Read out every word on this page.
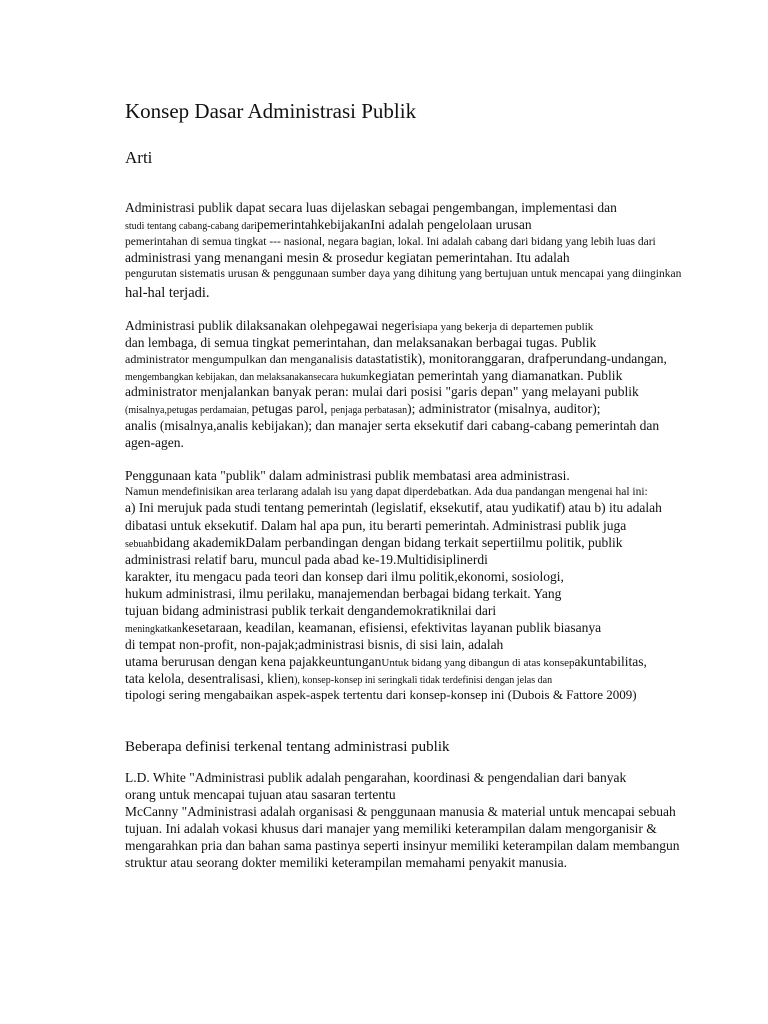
Konsep Dasar Administrasi Publik
Arti

Administrasi publik dapat secara luas dijelaskan sebagai pengembangan, implementasi dan

studi tentang cabang-cabang daripemerintahkebijakanIni adalah pengelolaan urusan

pemerintahan di semua tingkat --- nasional, negara bagian, lokal. Ini adalah cabang dari bidang yang lebih luas dari

administrasi yang menangani mesin & prosedur kegiatan pemerintahan. Itu adalah

pengurutan sistematis urusan & penggunaan sumber daya yang dihitung yang bertujuan untuk mencapai yang diinginkan

hal-hal terjadi.

Administrasi publik dilaksanakan olehpegawai negerisiapa yang bekerja di departemen publik

dan lembaga, di semua tingkat pemerintahan, dan melaksanakan berbagai tugas. Publik

administrator mengumpulkan dan menganalisis datastatistik), monitoranggaran, drafperundang-undangan,

mengembangkan kebijakan, dan melaksanakansecara hukumkegiatan pemerintah yang diamanatkan. Publik

administrator menjalankan banyak peran: mulai dari posisi "garis depan" yang melayani publik

(misalnya,petugas perdamaian, petugas parol, penjaga perbatasan); administrator (misalnya, auditor);

analis (misalnya,analis kebijakan); dan manajer serta eksekutif dari cabang-cabang pemerintah dan

agen-agen.

Penggunaan kata "publik" dalam administrasi publik membatasi area administrasi.

Namun mendefinisikan area terlarang adalah isu yang dapat diperdebatkan. Ada dua pandangan mengenai hal ini:

a) Ini merujuk pada studi tentang pemerintah (legislatif, eksekutif, atau yudikatif) atau b) itu adalah

dibatasi untuk eksekutif. Dalam hal apa pun, itu berarti pemerintah. Administrasi publik juga

sebuahbidang akademikDalam perbandingan dengan bidang terkait sepertiilmu politik, publik

administrasi relatif baru, muncul pada abad ke-19.Multidisiplinerdi

karakter, itu mengacu pada teori dan konsep dari ilmu politik,ekonomi, sosiologi,

hukum administrasi, ilmu perilaku, manajemendan berbagai bidang terkait. Yang

tujuan bidang administrasi publik terkait dengandemokratiknilai dari

meningkatkankesetaraan, keadilan, keamanan, efisiensi, efektivitas layanan publik biasanya

di tempat non-profit, non-pajak;administrasi bisnis, di sisi lain, adalah

utama berurusan dengan kena pajakkeuntunganUntuk bidang yang dibangun di atas konsepakuntabilitas,

tata kelola, desentralisasi, klien), konsep-konsep ini seringkali tidak terdefinisi dengan jelas dan

tipologi sering mengabaikan aspek-aspek tertentu dari konsep-konsep ini (Dubois & Fattore 2009)

Beberapa definisi terkenal tentang administrasi publik

L.D. White "Administrasi publik adalah pengarahan, koordinasi & pengendalian dari banyak

orang untuk mencapai tujuan atau sasaran tertentu

McCanny "Administrasi adalah organisasi & penggunaan manusia & material untuk mencapai sebuah

tujuan. Ini adalah vokasi khusus dari manajer yang memiliki keterampilan dalam mengorganisir &

mengarahkan pria dan bahan sama pastinya seperti insinyur memiliki keterampilan dalam membangun

struktur atau seorang dokter memiliki keterampilan memahami penyakit manusia.
